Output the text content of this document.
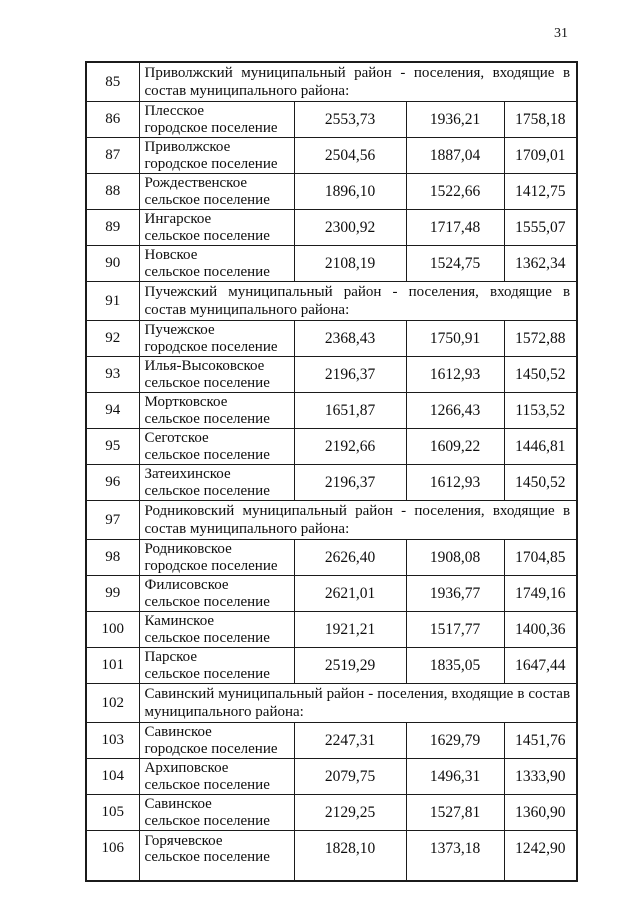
31
85	Приволжский муниципальный район - поселения, входящие в
состав муниципального района:			

86	Плесское
городское поселение	2553,73	1936,21	1758,18
87	Приволжское
городское поселение	2504,56	1887,04	1709,01
88	Рождественское
сельское поселение	1896,10	1522,66	1412,75
89	Ингарское
сельское поселение	2300,92	1717,48	1555,07
90	Новское
сельское поселение	2108,19	1524,75	1362,34
91	Пучежский муниципальный район - поселения, входящие в
состав муниципального района:			

92	Пучежское
городское поселение	2368,43	1750,91	1572,88
93	Илья-Высоковское
сельское поселение	2196,37	1612,93	1450,52
94	Мортковское
сельское поселение	1651,87	1266,43	1153,52
95	Сеготское
сельское поселение	2192,66	1609,22	1446,81
96	Затеихинское
сельское поселение	2196,37	1612,93	1450,52
97	Родниковский муниципальный район - поселения, входящие в
состав муниципального района:			

98	Родниковское
городское поселение	2626,40	1908,08	1704,85
99	Филисовское
сельское поселение	2621,01	1936,77	1749,16
100	Каминское
сельское поселение	1921,21	1517,77	1400,36
101	Парское
сельское поселение	2519,29	1835,05	1647,44
102	Савинский муниципальный район - поселения, входящие в состав
муниципального района:			

103	Савинское
городское поселение	2247,31	1629,79	1451,76
104	Архиповское
сельское поселение	2079,75	1496,31	1333,90
105	Савинское
сельское поселение	2129,25	1527,81	1360,90
106	Горячевское
сельское поселение	1828,10	1373,18	1242,90
